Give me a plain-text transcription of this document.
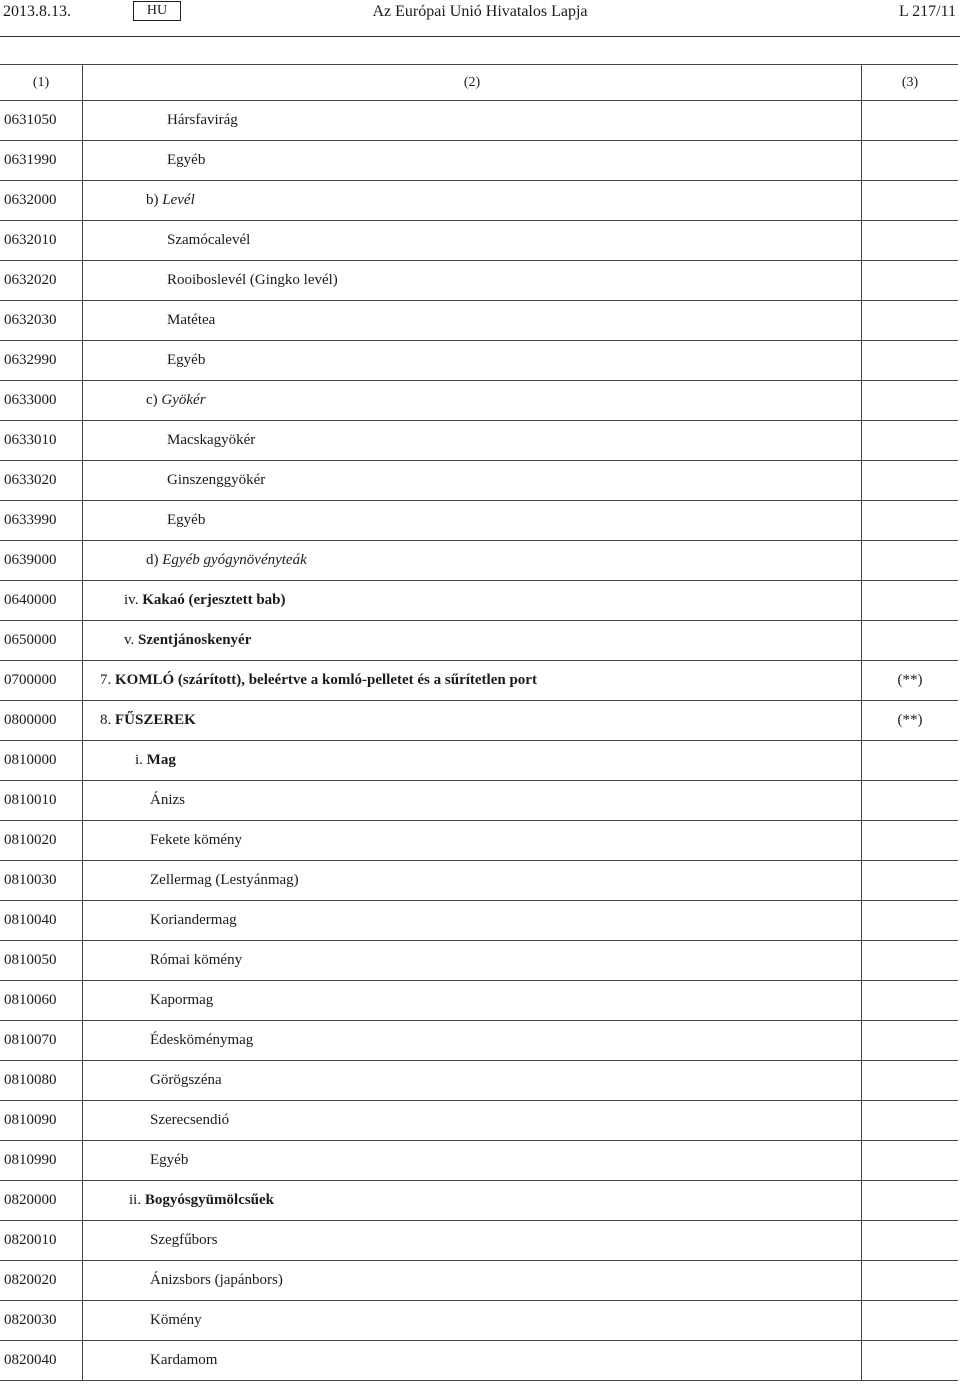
2013.8.13.	HU	Az Európai Unió Hivatalos Lapja	L 217/11
(1)	(2)	(3)
0631050	Hársfavirág	
0631990	Egyéb	
0632000	b) Levél	
0632010	Szamócalevél	
0632020	Rooiboslevél (Gingko levél)	
0632030	Matétea	
0632990	Egyéb	
0633000	c) Gyökér	
0633010	Macskagyökér	
0633020	Ginszenggyökér	
0633990	Egyéb	
0639000	d) Egyéb gyógynövényteák	
0640000	iv. Kakaó (erjesztett bab)	
0650000	v. Szentjánoskenyér	
0700000	7. KOMLÓ (szárított), beleértve a komló-pelletet és a sűrítetlen port	(**)
0800000	8. FŰSZEREK	(**)
0810000	i. Mag	
0810010	Ánizs	
0810020	Fekete kömény	
0810030	Zellermag (Lestyánmag)	
0810040	Koriandermag	
0810050	Római kömény	
0810060	Kapormag	
0810070	Édesköménymag	
0810080	Görögszéna	
0810090	Szerecsendió	
0810990	Egyéb	
0820000	ii. Bogyósgyümölcsűek	
0820010	Szegfűbors	
0820020	Ánizsbors (japánbors)	
0820030	Kömény	
0820040	Kardamom	
